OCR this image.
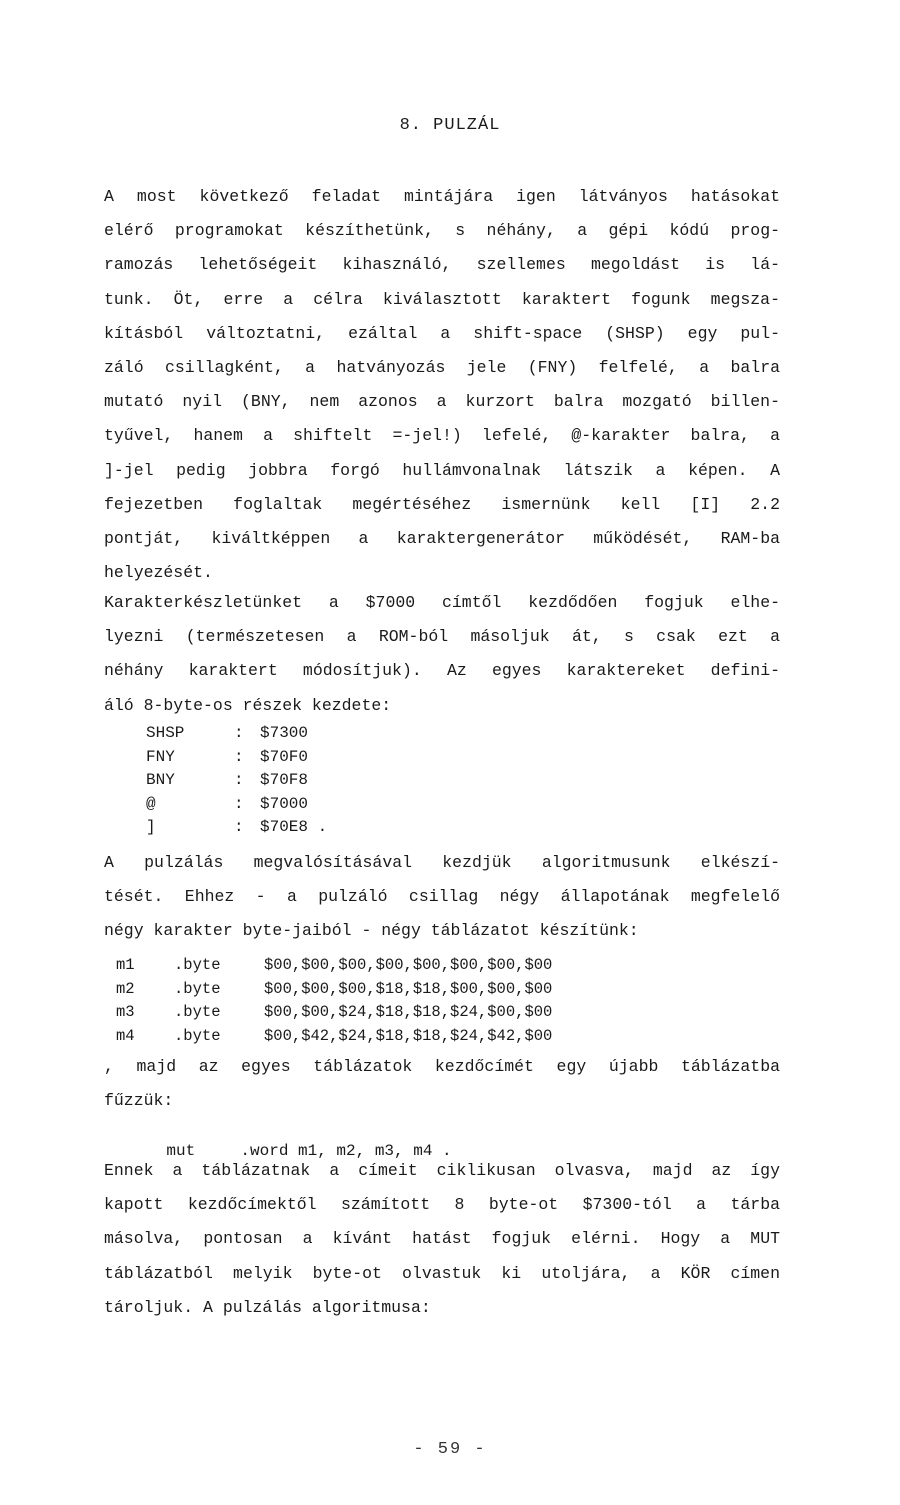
8. PULZÁL

A most következő feladat mintájára igen látványos hatásokat
elérő programokat készíthetünk, s néhány, a gépi kódú prog-
ramozás lehetőségeit kihasználó, szellemes megoldást is lá-
tunk. Öt, erre a célra kiválasztott karaktert fogunk megsza-
kításból változtatni, ezáltal a shift-space (SHSP) egy pul-
záló csillagként, a hatványozás jele (FNY) felfelé, a balra
mutató nyil (BNY, nem azonos a kurzort balra mozgató billen-
tyűvel, hanem a shiftelt =-jel!) lefelé, @-karakter balra, a
]-jel pedig jobbra forgó hullámvonalnak látszik a képen. A
fejezetben foglaltak megértéséhez ismernünk kell [I] 2.2
pontját, kiváltképpen a karaktergenerátor működését, RAM-ba
helyezését.

Karakterkészletünket a $7000 címtől kezdődően fogjuk elhe-
lyezni (természetesen a ROM-ból másoljuk át, s csak ezt a
néhány karaktert módosítjuk). Az egyes karaktereket defini-
áló 8-byte-os részek kezdete:

SHSP	:	$7300
FNY	:	$70F0
BNY	:	$70F8
@	:	$7000
]	:	$70E8 .

A pulzálás megvalósításával kezdjük algoritmusunk elkészí-
tését. Ehhez - a pulzáló csillag négy állapotának megfelelő
négy karakter byte-jaiból - négy táblázatot készítünk:

m1	.byte	$00,$00,$00,$00,$00,$00,$00,$00
m2	.byte	$00,$00,$00,$18,$18,$00,$00,$00
m3	.byte	$00,$00,$24,$18,$18,$24,$00,$00
m4	.byte	$00,$42,$24,$18,$18,$24,$42,$00

, majd az egyes táblázatok kezdőcímét egy újabb táblázatba
fűzzük:

mut	.word m1, m2, m3, m4 .

Ennek a táblázatnak a címeit ciklikusan olvasva, majd az így
kapott kezdőcímektől számított 8 byte-ot $7300-tól a tárba
másolva, pontosan a kívánt hatást fogjuk elérni. Hogy a MUT
táblázatból melyik byte-ot olvastuk ki utoljára, a KÖR címen
tároljuk. A pulzálás algoritmusa:

- 59 -
